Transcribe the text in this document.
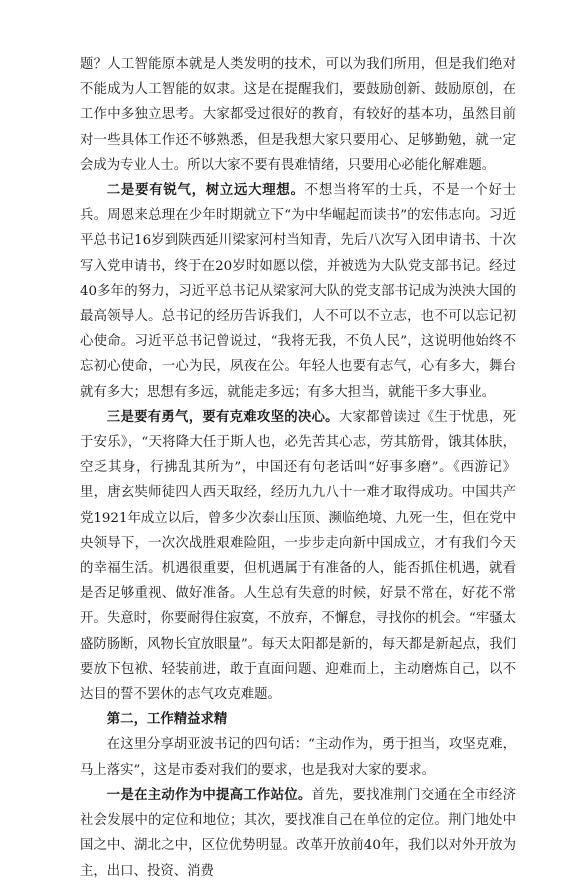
题？人工智能原本就是人类发明的技术，可以为我们所用，但是我们绝对不能成为人工智能的奴隶。这是在提醒我们，要鼓励创新、鼓励原创，在工作中多独立思考。大家都受过很好的教育，有较好的基本功，虽然目前对一些具体工作还不够熟悉，但是我想大家只要用心、足够勤勉，就一定会成为专业人士。所以大家不要有畏难情绪，只要用心必能化解难题。

二是要有锐气，树立远大理想。不想当将军的士兵，不是一个好士兵。周恩来总理在少年时期就立下“为中华崛起而读书”的宏伟志向。习近平总书记16岁到陕西延川梁家河村当知青，先后八次写入团申请书、十次写入党申请书，终于在20岁时如愿以偿，并被选为大队党支部书记。经过40多年的努力，习近平总书记从梁家河大队的党支部书记成为泱泱大国的最高领导人。总书记的经历告诉我们，人不可以不立志，也不可以忘记初心使命。习近平总书记曾说过，“我将无我，不负人民”，这说明他始终不忘初心使命，一心为民，夙夜在公。年轻人也要有志气，心有多大，舞台就有多大；思想有多远，就能走多远；有多大担当，就能干多大事业。

三是要有勇气，要有克难攻坚的决心。大家都曾读过《生于忧患，死于安乐》，“天将降大任于斯人也，必先苦其心志，劳其筋骨，饿其体肤，空乏其身，行拂乱其所为”，中国还有句老话叫“好事多磨”。《西游记》里，唐玄奘师徒四人西天取经，经历九九八十一难才取得成功。中国共产党1921年成立以后，曾多少次泰山压顶、濒临绝境、九死一生，但在党中央领导下，一次次战胜艰难险阻，一步步走向新中国成立，才有我们今天的幸福生活。机遇很重要，但机遇属于有准备的人，能否抓住机遇，就看是否足够重视、做好准备。人生总有失意的时候，好景不常在，好花不常开。失意时，你要耐得住寂寞，不放弃，不懈怠，寻找你的机会。“牢骚太盛防肠断，风物长宜放眼量”。每天太阳都是新的，每天都是新起点，我们要放下包袱、轻装前进，敢于直面问题、迎难而上，主动磨炼自己，以不达目的誓不罢休的志气攻克难题。

第二，工作精益求精

在这里分享胡亚波书记的四句话：“主动作为，勇于担当，攻坚克难，马上落实”，这是市委对我们的要求，也是我对大家的要求。

一是在主动作为中提高工作站位。首先，要找准荆门交通在全市经济社会发展中的定位和地位；其次，要找准自己在单位的定位。荆门地处中国之中、湖北之中，区位优势明显。改革开放前40年，我们以对外开放为主，出口、投资、消费
